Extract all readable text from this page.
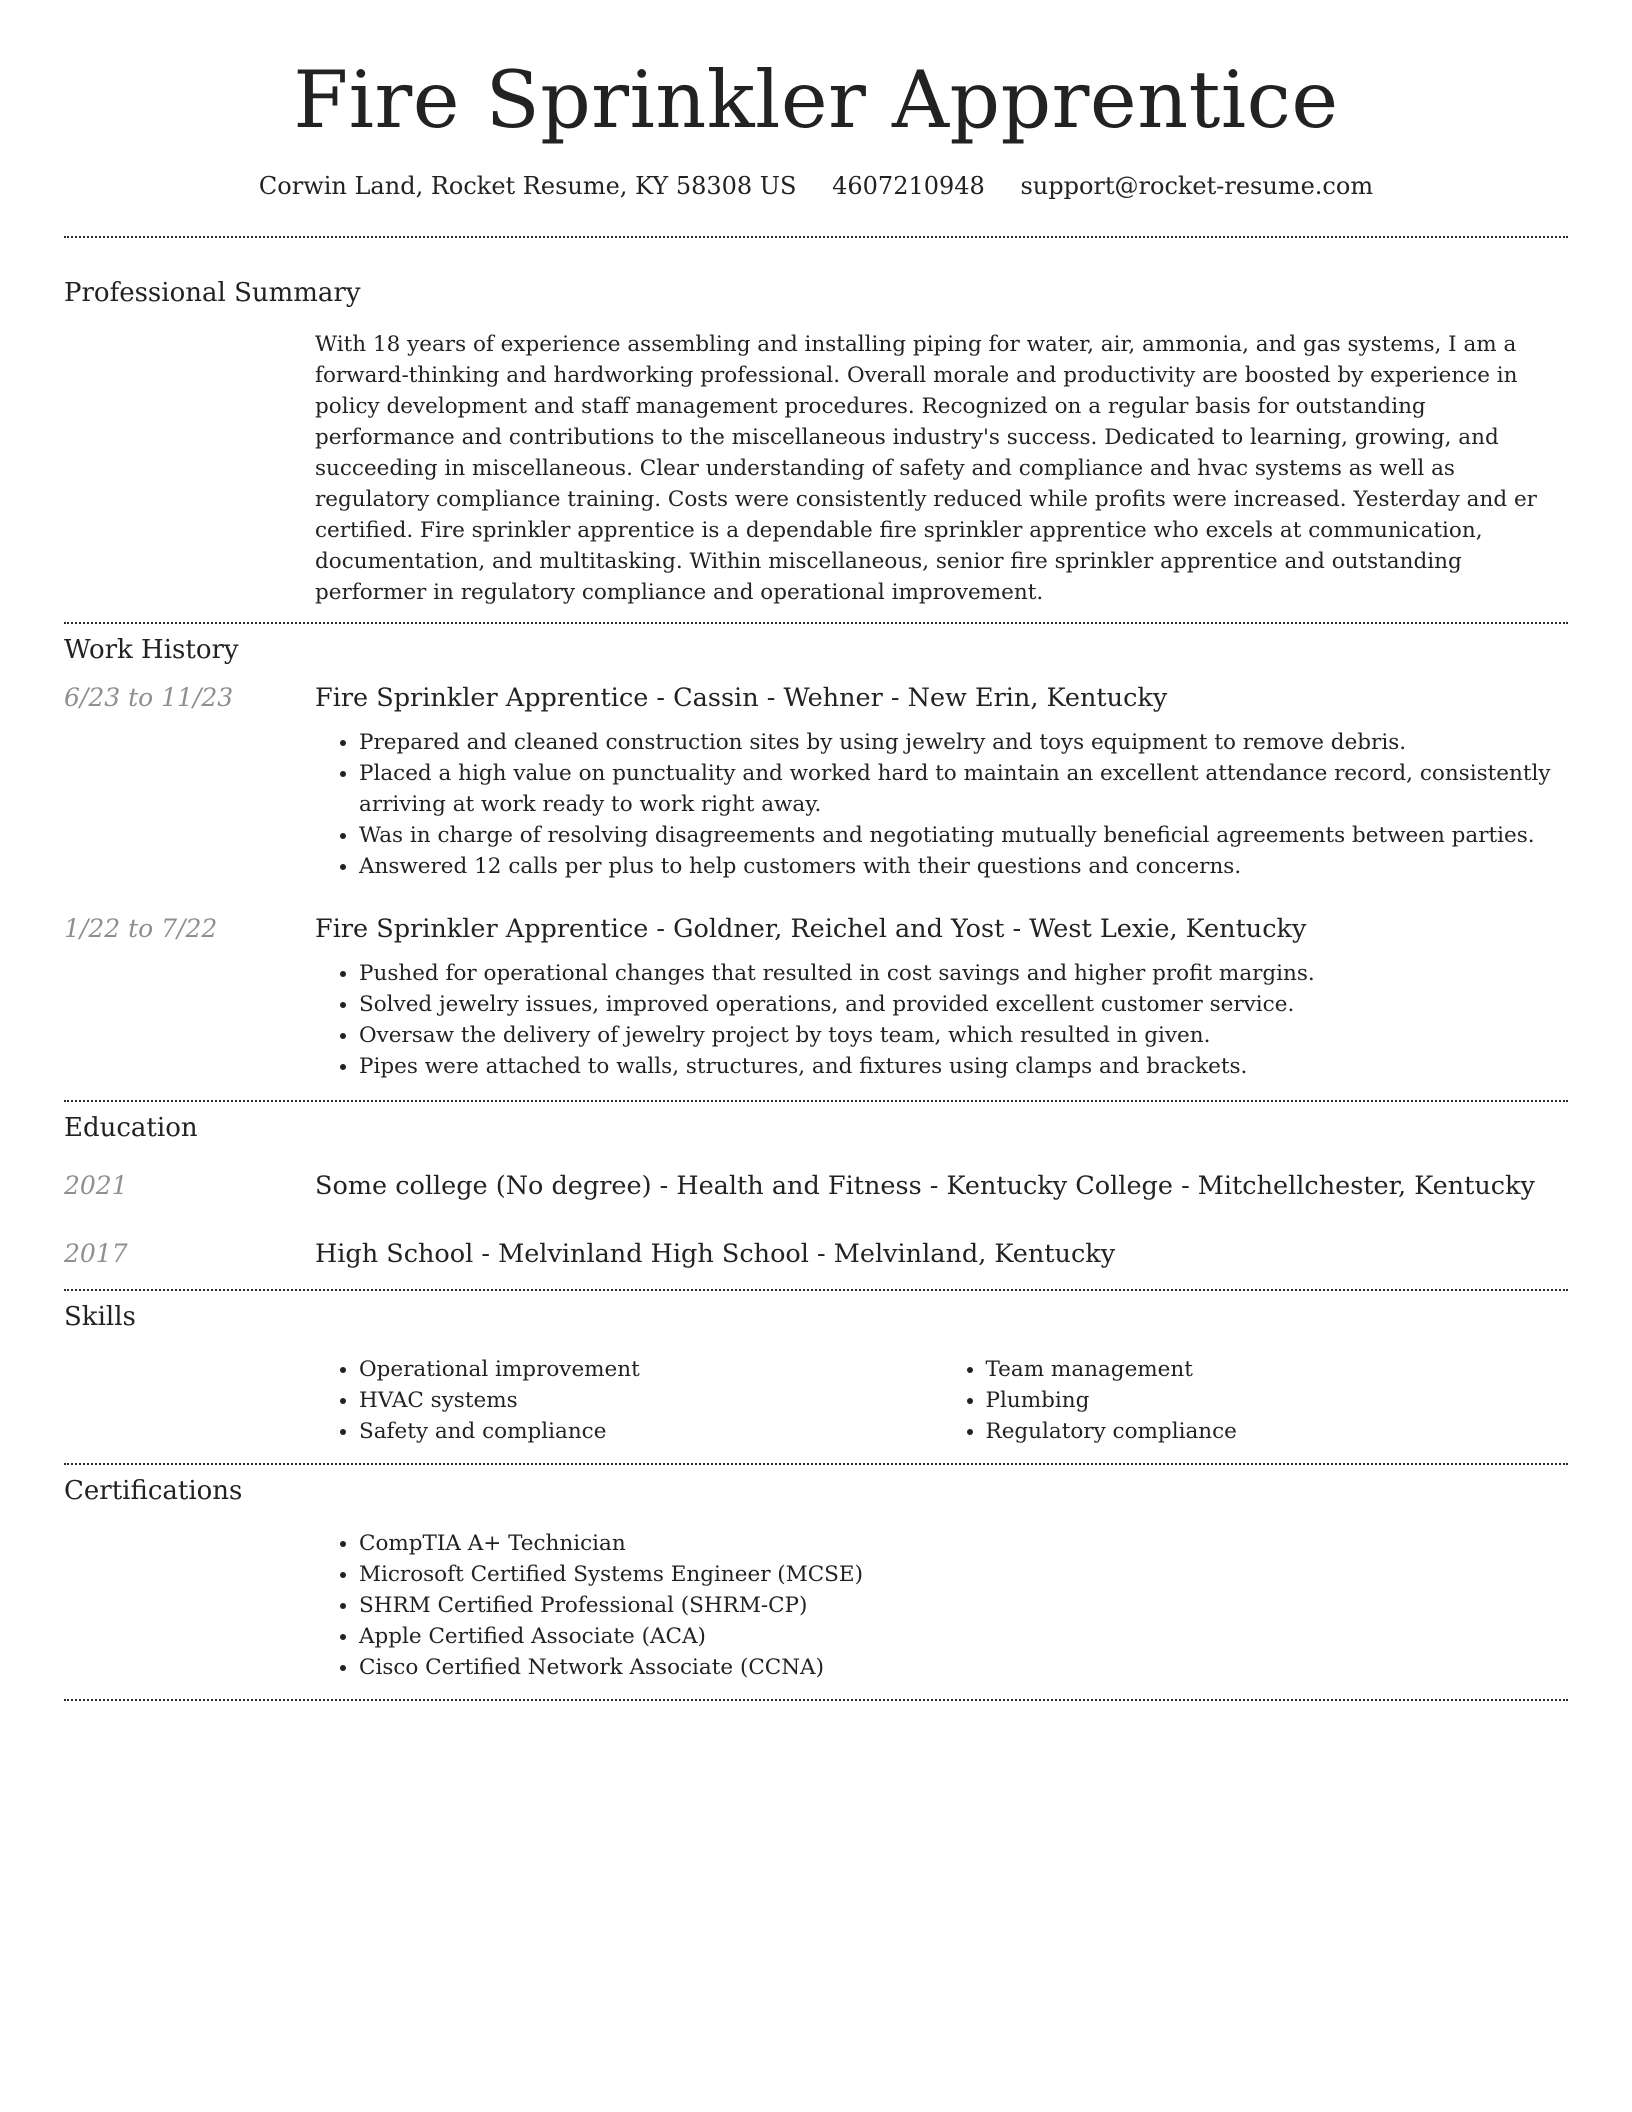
Fire Sprinkler Apprentice
Corwin Land, Rocket Resume, KY 58308 US 4607210948 support@rocket-resume.com
Professional Summary

With 18 years of experience assembling and installing piping for water, air, ammonia, and gas systems, I am a forward-thinking and hardworking professional. Overall morale and productivity are boosted by experience in policy development and staff management procedures. Recognized on a regular basis for outstanding performance and contributions to the miscellaneous industry's success. Dedicated to learning, growing, and succeeding in miscellaneous. Clear understanding of safety and compliance and hvac systems as well as regulatory compliance training. Costs were consistently reduced while profits were increased. Yesterday and er certified. Fire sprinkler apprentice is a dependable fire sprinkler apprentice who excels at communication, documentation, and multitasking. Within miscellaneous, senior fire sprinkler apprentice and outstanding performer in regulatory compliance and operational improvement.

Work History
6/23 to 11/23	Fire Sprinkler Apprentice - Cassin - Wehner - New Erin, Kentucky
• Prepared and cleaned construction sites by using jewelry and toys equipment to remove debris.
• Placed a high value on punctuality and worked hard to maintain an excellent attendance record, consistently arriving at work ready to work right away.
• Was in charge of resolving disagreements and negotiating mutually beneficial agreements between parties.
• Answered 12 calls per plus to help customers with their questions and concerns.
1/22 to 7/22	Fire Sprinkler Apprentice - Goldner, Reichel and Yost - West Lexie, Kentucky
• Pushed for operational changes that resulted in cost savings and higher profit margins.
• Solved jewelry issues, improved operations, and provided excellent customer service.
• Oversaw the delivery of jewelry project by toys team, which resulted in given.
• Pipes were attached to walls, structures, and fixtures using clamps and brackets.
Education
2021	Some college (No degree) - Health and Fitness - Kentucky College - Mitchellchester, Kentucky
2017	High School - Melvinland High School - Melvinland, Kentucky
Skills
• Operational improvement
• HVAC systems
• Safety and compliance
• Team management
• Plumbing
• Regulatory compliance
Certifications
• CompTIA A+ Technician
• Microsoft Certified Systems Engineer (MCSE)
• SHRM Certified Professional (SHRM-CP)
• Apple Certified Associate (ACA)
• Cisco Certified Network Associate (CCNA)
